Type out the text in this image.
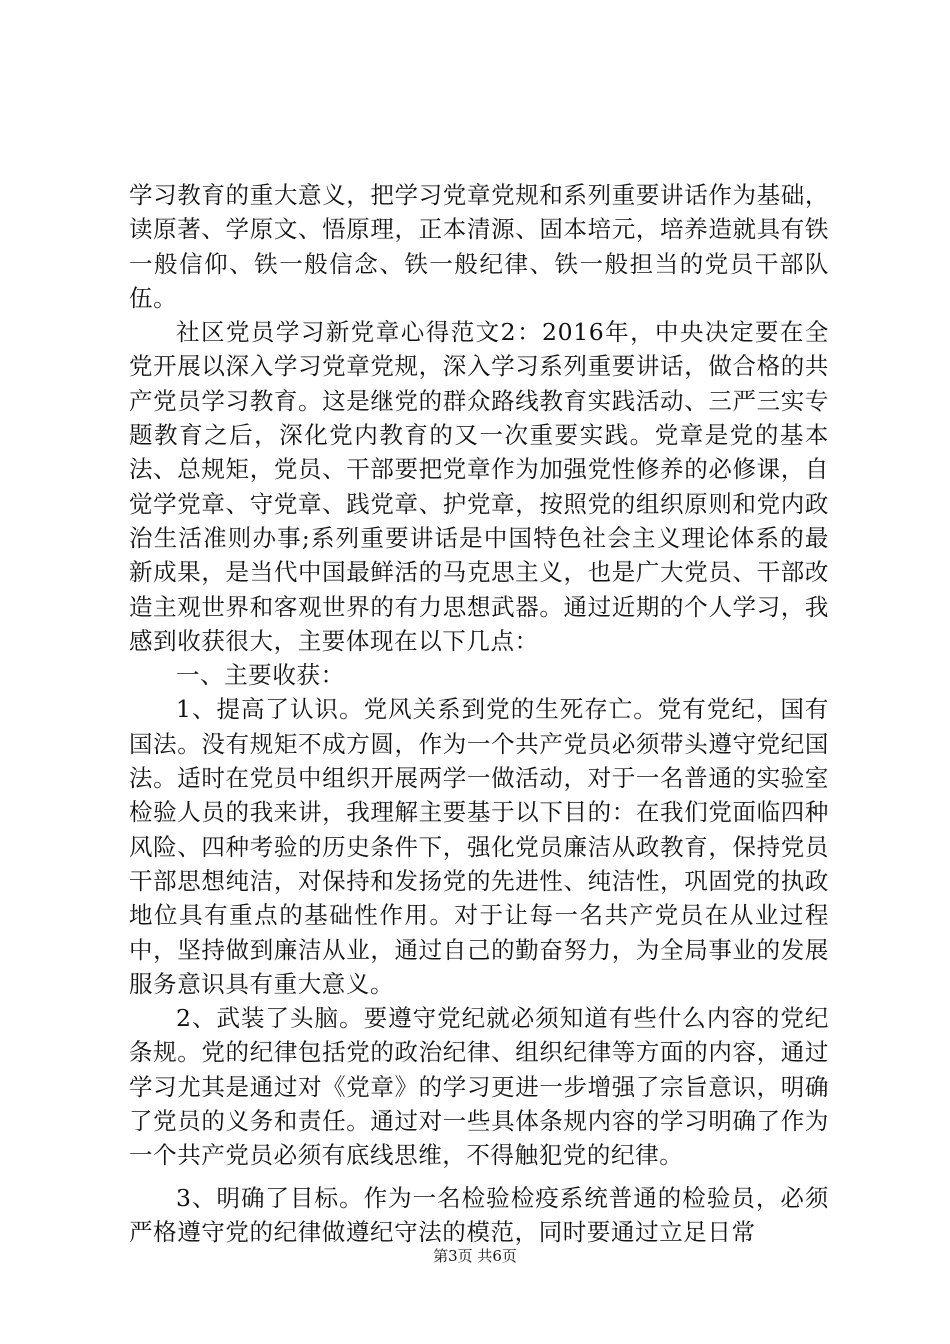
学习教育的重大意义，把学习党章党规和系列重要讲话作为基础，读原著、学原文、悟原理，正本清源、固本培元，培养造就具有铁一般信仰、铁一般信念、铁一般纪律、铁一般担当的党员干部队伍。

社区党员学习新党章心得范文2：2016年，中央决定要在全党开展以深入学习党章党规，深入学习系列重要讲话，做合格的共产党员学习教育。这是继党的群众路线教育实践活动、三严三实专题教育之后，深化党内教育的又一次重要实践。党章是党的基本法、总规矩，党员、干部要把党章作为加强党性修养的必修课，自觉学党章、守党章、践党章、护党章，按照党的组织原则和党内政治生活准则办事;系列重要讲话是中国特色社会主义理论体系的最新成果，是当代中国最鲜活的马克思主义，也是广大党员、干部改造主观世界和客观世界的有力思想武器。通过近期的个人学习，我感到收获很大，主要体现在以下几点：

一、主要收获：

1、提高了认识。党风关系到党的生死存亡。党有党纪，国有国法。没有规矩不成方圆，作为一个共产党员必须带头遵守党纪国法。适时在党员中组织开展两学一做活动，对于一名普通的实验室检验人员的我来讲，我理解主要基于以下目的：在我们党面临四种风险、四种考验的历史条件下，强化党员廉洁从政教育，保持党员干部思想纯洁，对保持和发扬党的先进性、纯洁性，巩固党的执政地位具有重点的基础性作用。对于让每一名共产党员在从业过程中，坚持做到廉洁从业，通过自己的勤奋努力，为全局事业的发展服务意识具有重大意义。

2、武装了头脑。要遵守党纪就必须知道有些什么内容的党纪条规。党的纪律包括党的政治纪律、组织纪律等方面的内容，通过学习尤其是通过对《党章》的学习更进一步增强了宗旨意识，明确了党员的义务和责任。通过对一些具体条规内容的学习明确了作为一个共产党员必须有底线思维，不得触犯党的纪律。

3、明确了目标。作为一名检验检疫系统普通的检验员，必须严格遵守党的纪律做遵纪守法的模范，同时要通过立足日常

第3页 共6页
